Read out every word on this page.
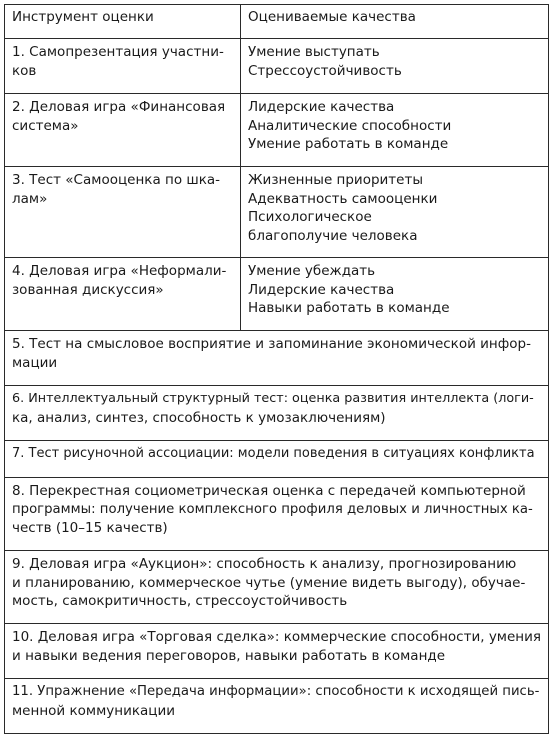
Инструмент оценки	Оцениваемые качества

1. Самопрезентация участни-
ков	Умение выступать
Стрессоустойчивость

2. Деловая игра «Финансовая
система»	Лидерские качества
Аналитические способности
Умение работать в команде

3. Тест «Самооценка по шка-
лам»	Жизненные приоритеты
Адекватность самооценки
Психологическое
благополучие человека

4. Деловая игра «Неформали-
зованная дискуссия»	Умение убеждать
Лидерские качества
Навыки работать в команде

5. Тест на смысловое восприятие и запоминание экономической инфор-
мации	

6. Интеллектуальный структурный тест: оценка развития интеллекта (логи-
ка, анализ, синтез, способность к умозаключениям)	

7. Тест рисуночной ассоциации: модели поведения в ситуациях конфликта	

8. Перекрестная социометрическая оценка с передачей компьютерной
программы: получение комплексного профиля деловых и личностных ка-
честв (10–15 качеств)	

9. Деловая игра «Аукцион»: способность к анализу, прогнозированию
и планированию, коммерческое чутье (умение видеть выгоду), обучае-
мость, самокритичность, стрессоустойчивость	

10. Деловая игра «Торговая сделка»: коммерческие способности, умения
и навыки ведения переговоров, навыки работать в команде	

11. Упражнение «Передача информации»: способности к исходящей пись-
менной коммуникации	
